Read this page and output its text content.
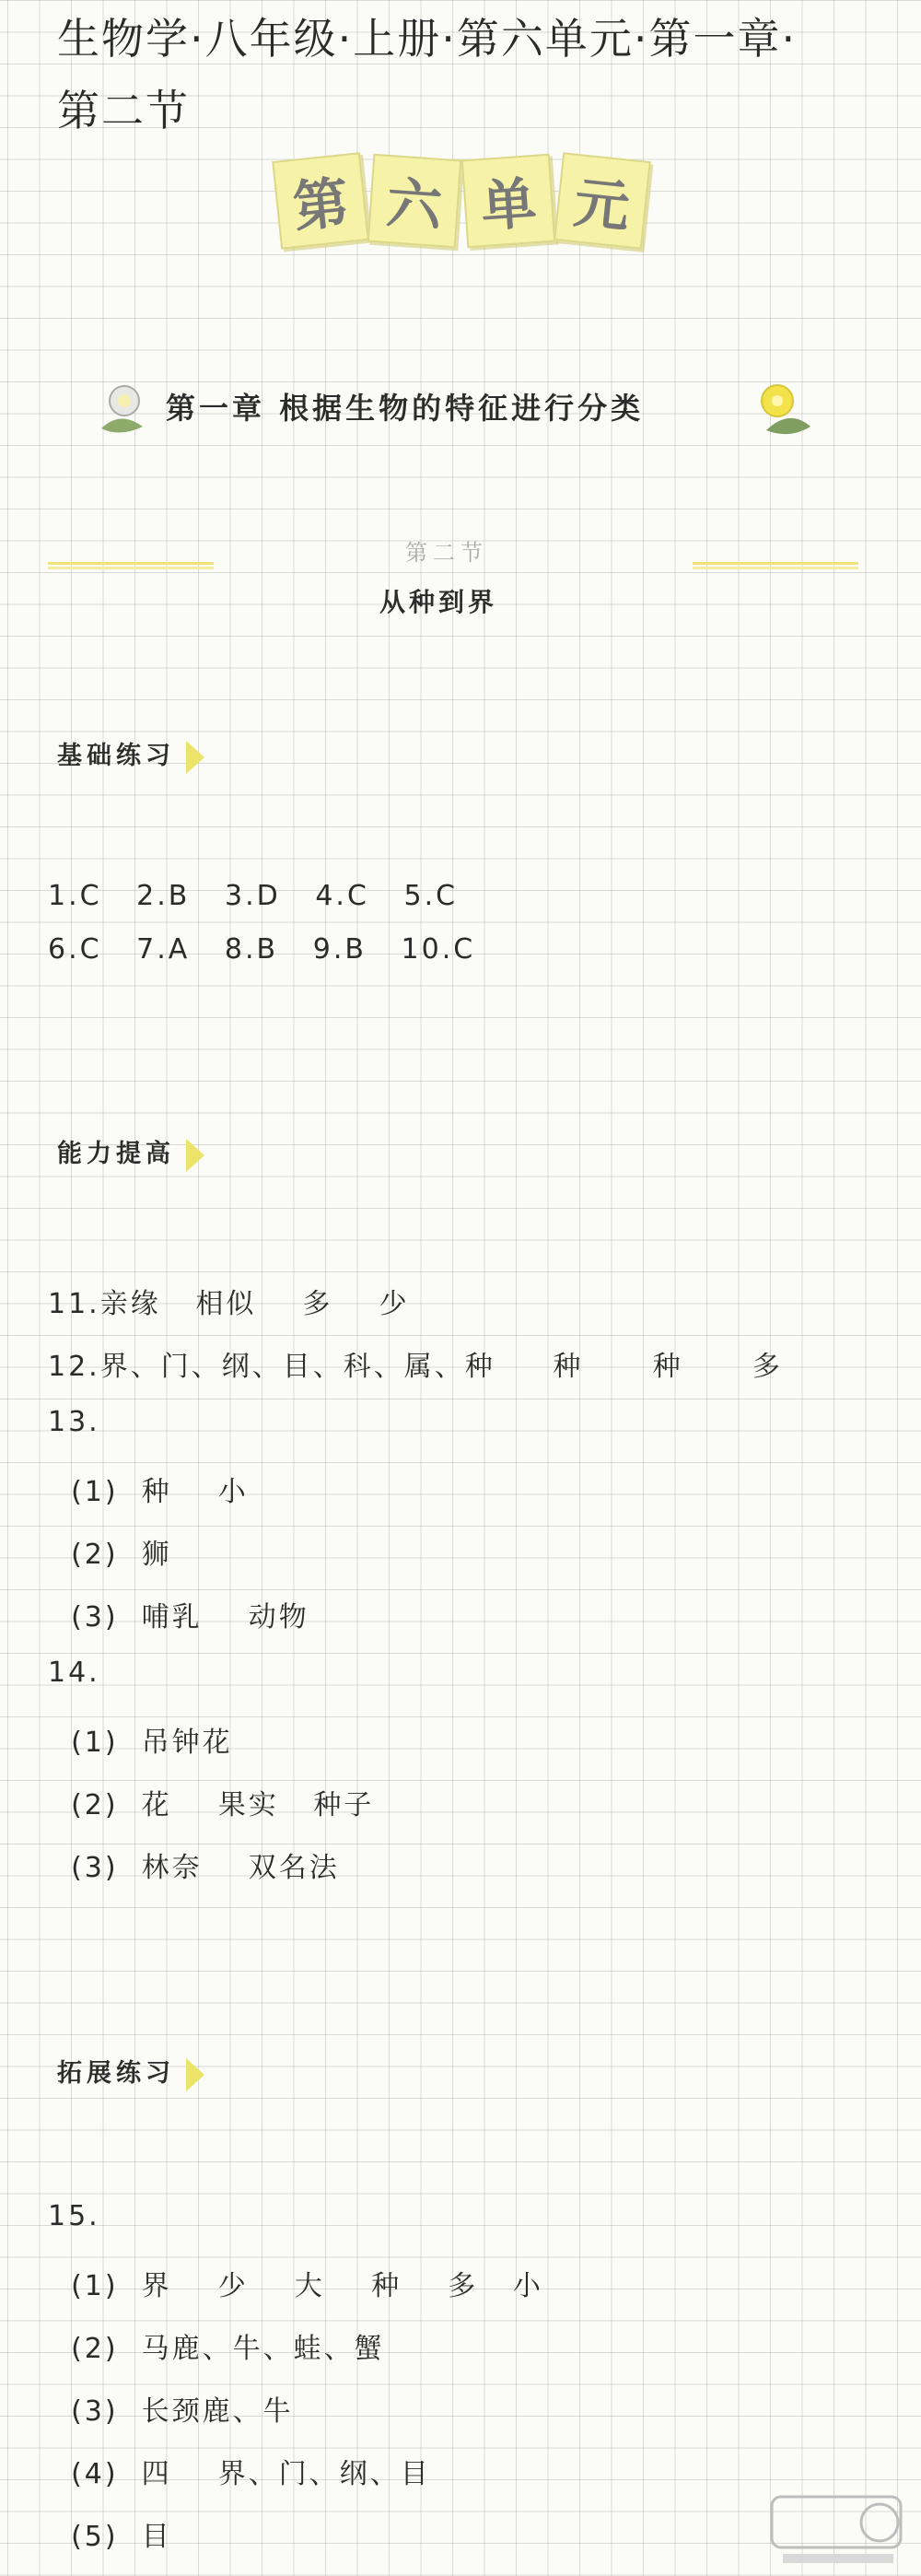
生物学·八年级·上册·第六单元·第一章·
第二节
第 六 单 元
第一章 根据生物的特征进行分类
第二节
从种到界
基础练习
1.C   2.B   3.D   4.C   5.C
6.C   7.A   8.B   9.B   10.C
能力提高
11.亲缘   相似    多    少
12.界、门、纲、目、科、属、种     种      种      多
13.
(1)  种    小
(2)  狮
(3)  哺乳    动物
14.
(1)  吊钟花
(2)  花    果实   种子
(3)  林奈    双名法
拓展练习
15.
(1)  界    少    大    种    多   小
(2)  马鹿、牛、蛙、蟹
(3)  长颈鹿、牛
(4)  四    界、门、纲、目
(5)  目
